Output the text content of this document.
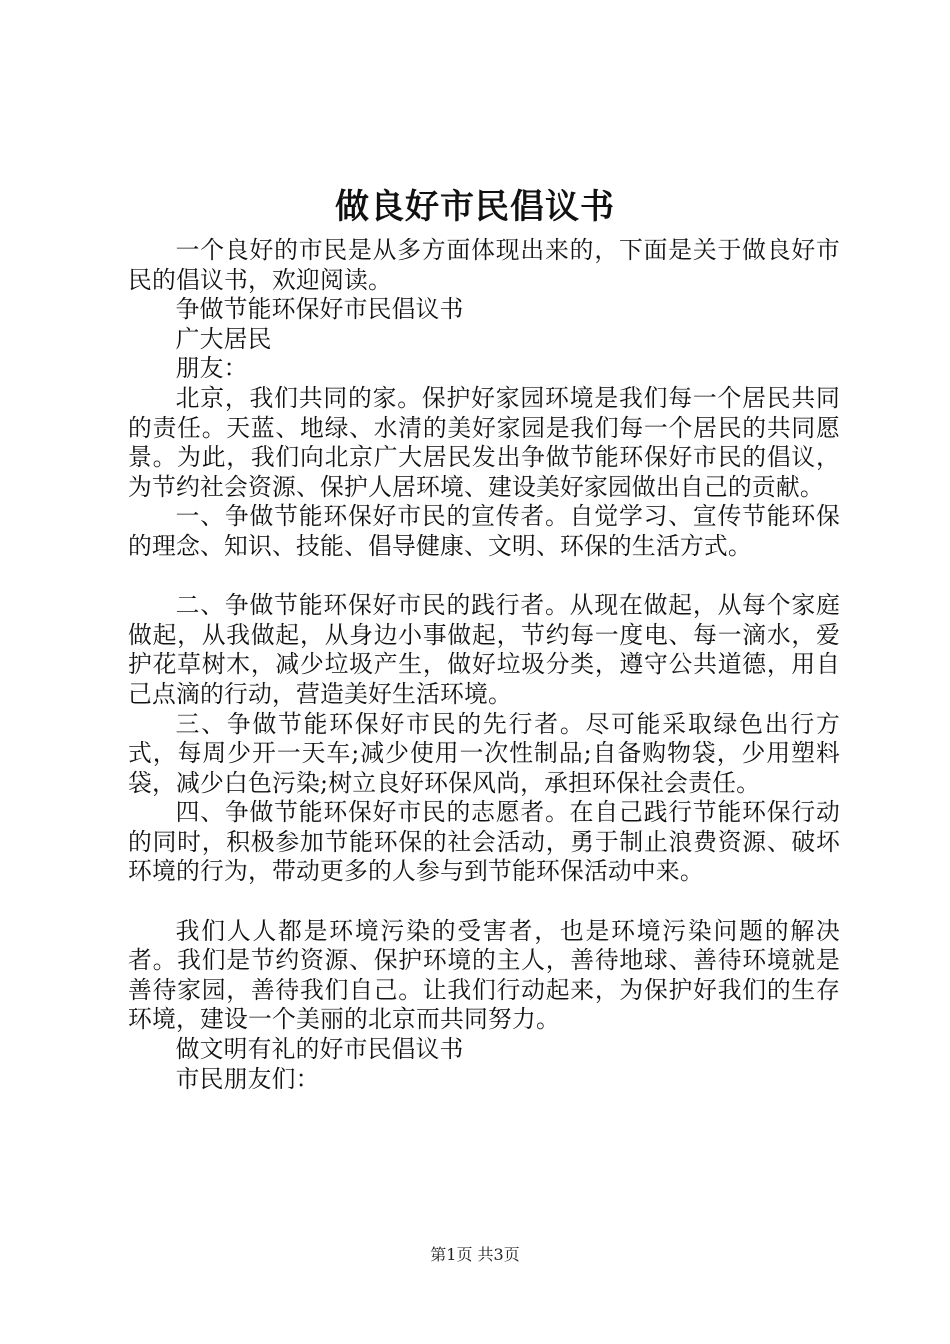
做良好市民倡议书

一个良好的市民是从多方面体现出来的，下面是关于做良好市民的倡议书，欢迎阅读。

争做节能环保好市民倡议书

广大居民

朋友：

北京，我们共同的家。保护好家园环境是我们每一个居民共同的责任。天蓝、地绿、水清的美好家园是我们每一个居民的共同愿景。为此，我们向北京广大居民发出争做节能环保好市民的倡议，为节约社会资源、保护人居环境、建设美好家园做出自己的贡献。

一、争做节能环保好市民的宣传者。自觉学习、宣传节能环保的理念、知识、技能、倡导健康、文明、环保的生活方式。

二、争做节能环保好市民的践行者。从现在做起，从每个家庭做起，从我做起，从身边小事做起，节约每一度电、每一滴水，爱护花草树木，减少垃圾产生，做好垃圾分类，遵守公共道德，用自己点滴的行动，营造美好生活环境。

三、争做节能环保好市民的先行者。尽可能采取绿色出行方式，每周少开一天车;减少使用一次性制品;自备购物袋，少用塑料袋，减少白色污染;树立良好环保风尚，承担环保社会责任。

四、争做节能环保好市民的志愿者。在自己践行节能环保行动的同时，积极参加节能环保的社会活动，勇于制止浪费资源、破坏环境的行为，带动更多的人参与到节能环保活动中来。

我们人人都是环境污染的受害者，也是环境污染问题的解决者。我们是节约资源、保护环境的主人，善待地球、善待环境就是善待家园，善待我们自己。让我们行动起来，为保护好我们的生存环境，建设一个美丽的北京而共同努力。

做文明有礼的好市民倡议书

市民朋友们：

第1页 共3页
